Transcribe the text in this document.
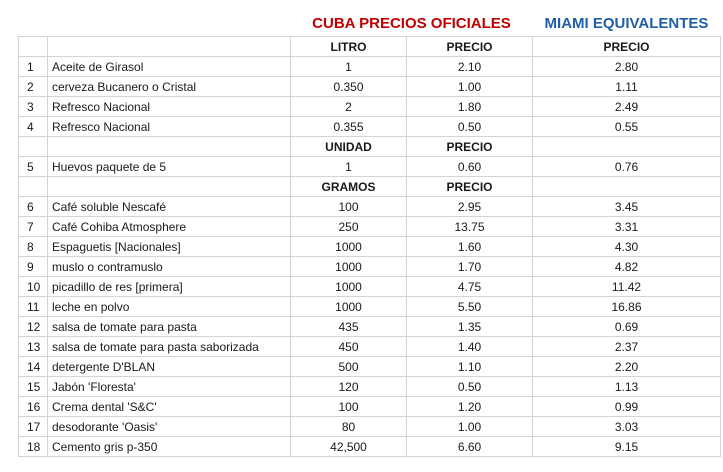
		CUBA PRECIOS OFICIALES		MIAMI EQUIVALENTES
		LITRO	PRECIO	PRECIO
1	Aceite de Girasol	1	2.10	2.80
2	cerveza Bucanero o Cristal	0.350	1.00	1.11
3	Refresco Nacional	2	1.80	2.49
4	Refresco Nacional	0.355	0.50	0.55
		UNIDAD	PRECIO	
5	Huevos paquete de 5	1	0.60	0.76
		GRAMOS	PRECIO	
6	Café soluble Nescafé	100	2.95	3.45
7	Café Cohiba Atmosphere	250	13.75	3.31
8	Espaguetis [Nacionales]	1000	1.60	4.30
9	muslo o contramuslo	1000	1.70	4.82
10	picadillo de res [primera]	1000	4.75	11.42
11	leche en polvo	1000	5.50	16.86
12	salsa de tomate para pasta	435	1.35	0.69
13	salsa de tomate para pasta saborizada	450	1.40	2.37
14	detergente D'BLAN	500	1.10	2.20
15	Jabón 'Floresta'	120	0.50	1.13
16	Crema dental 'S&C'	100	1.20	0.99
17	desodorante 'Oasis'	80	1.00	3.03
18	Cemento gris p-350	42,500	6.60	9.15
